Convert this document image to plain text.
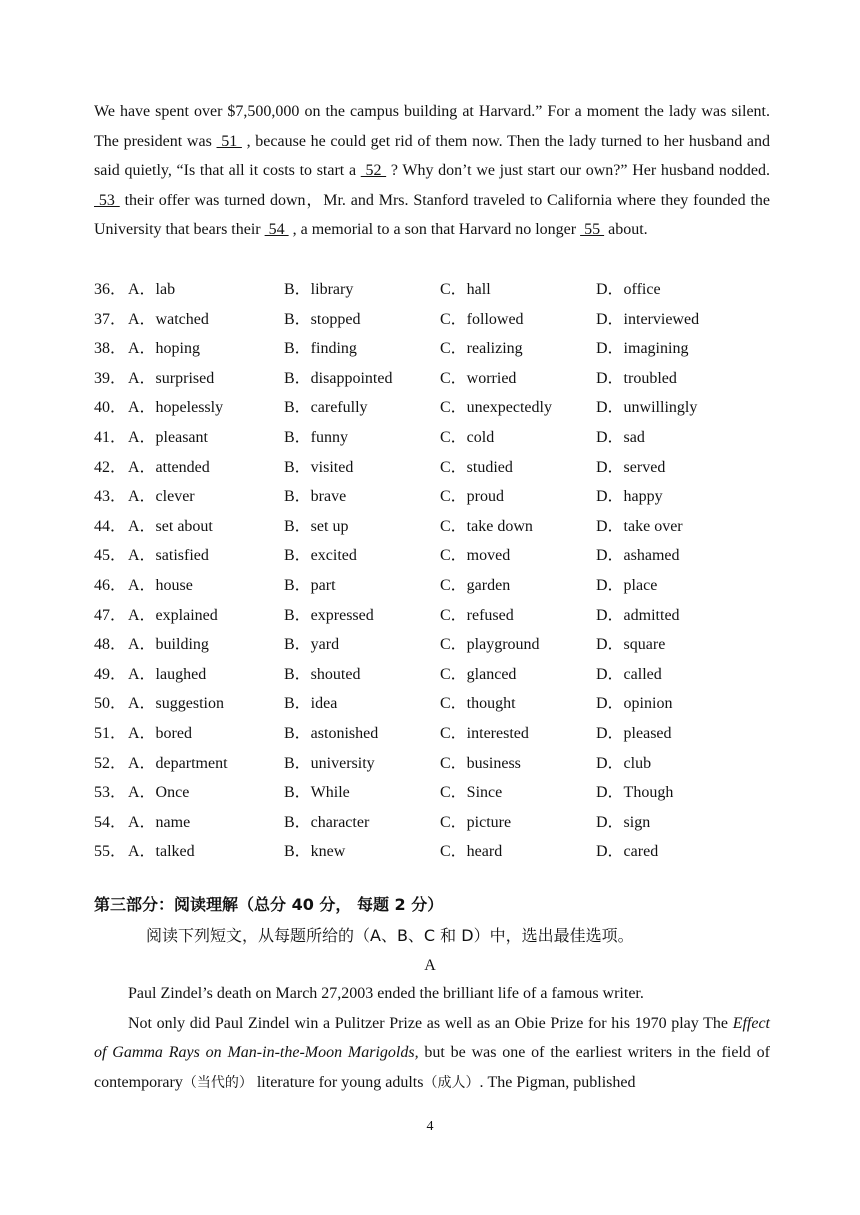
We have spent over $7,500,000 on the campus building at Harvard.” For a moment the lady was silent. The president was  51  , because he could get rid of them now. Then the lady turned to her husband and said quietly, “Is that all it costs to start a  52  ? Why don’t we just start our own?” Her husband nodded.  53  their offer was turned down，Mr. and Mrs. Stanford traveled to California where they founded the University that bears their  54  , a memorial to a son that Harvard no longer  55  about.
36． A．lab	B．library	C．hall	D．office
37． A．watched	B．stopped	C．followed	D．interviewed
38． A．hoping	B．finding	C．realizing	D．imagining
39． A．surprised	B．disappointed	C．worried	D．troubled
40． A．hopelessly	B．carefully	C．unexpectedly	D．unwillingly
41． A．pleasant	B．funny	C．cold	D．sad
42． A．attended	B．visited	C．studied	D．served
43． A．clever	B．brave	C．proud	D．happy
44． A．set about	B．set up	C．take down	D．take over
45． A．satisfied	B．excited	C．moved	D．ashamed
46． A．house	B．part	C．garden	D．place
47． A．explained	B．expressed	C．refused	D．admitted
48． A．building	B．yard	C．playground	D．square
49． A．laughed	B．shouted	C．glanced	D．called
50． A．suggestion	B．idea	C．thought	D．opinion
51． A．bored	B．astonished	C．interested	D．pleased
52． A．department	B．university	C．business	D．club
53． A．Once	B．While	C．Since	D．Though
54． A．name	B．character	C．picture	D．sign
55． A．talked	B．knew	C．heard	D．cared
第三部分：阅读理解（总分 40 分， 每题 2 分）
阅读下列短文，从每题所给的（A、B、C 和 D）中，选出最佳选项。
A
Paul Zindel’s death on March 27,2003 ended the brilliant life of a famous writer.
Not only did Paul Zindel win a Pulitzer Prize as well as an Obie Prize for his 1970 play The Effect of Gamma Rays on Man-in-the-Moon Marigolds, but be was one of the earliest writers in the field of contemporary（当代的） literature for young adults（成人）. The Pigman, published
4
